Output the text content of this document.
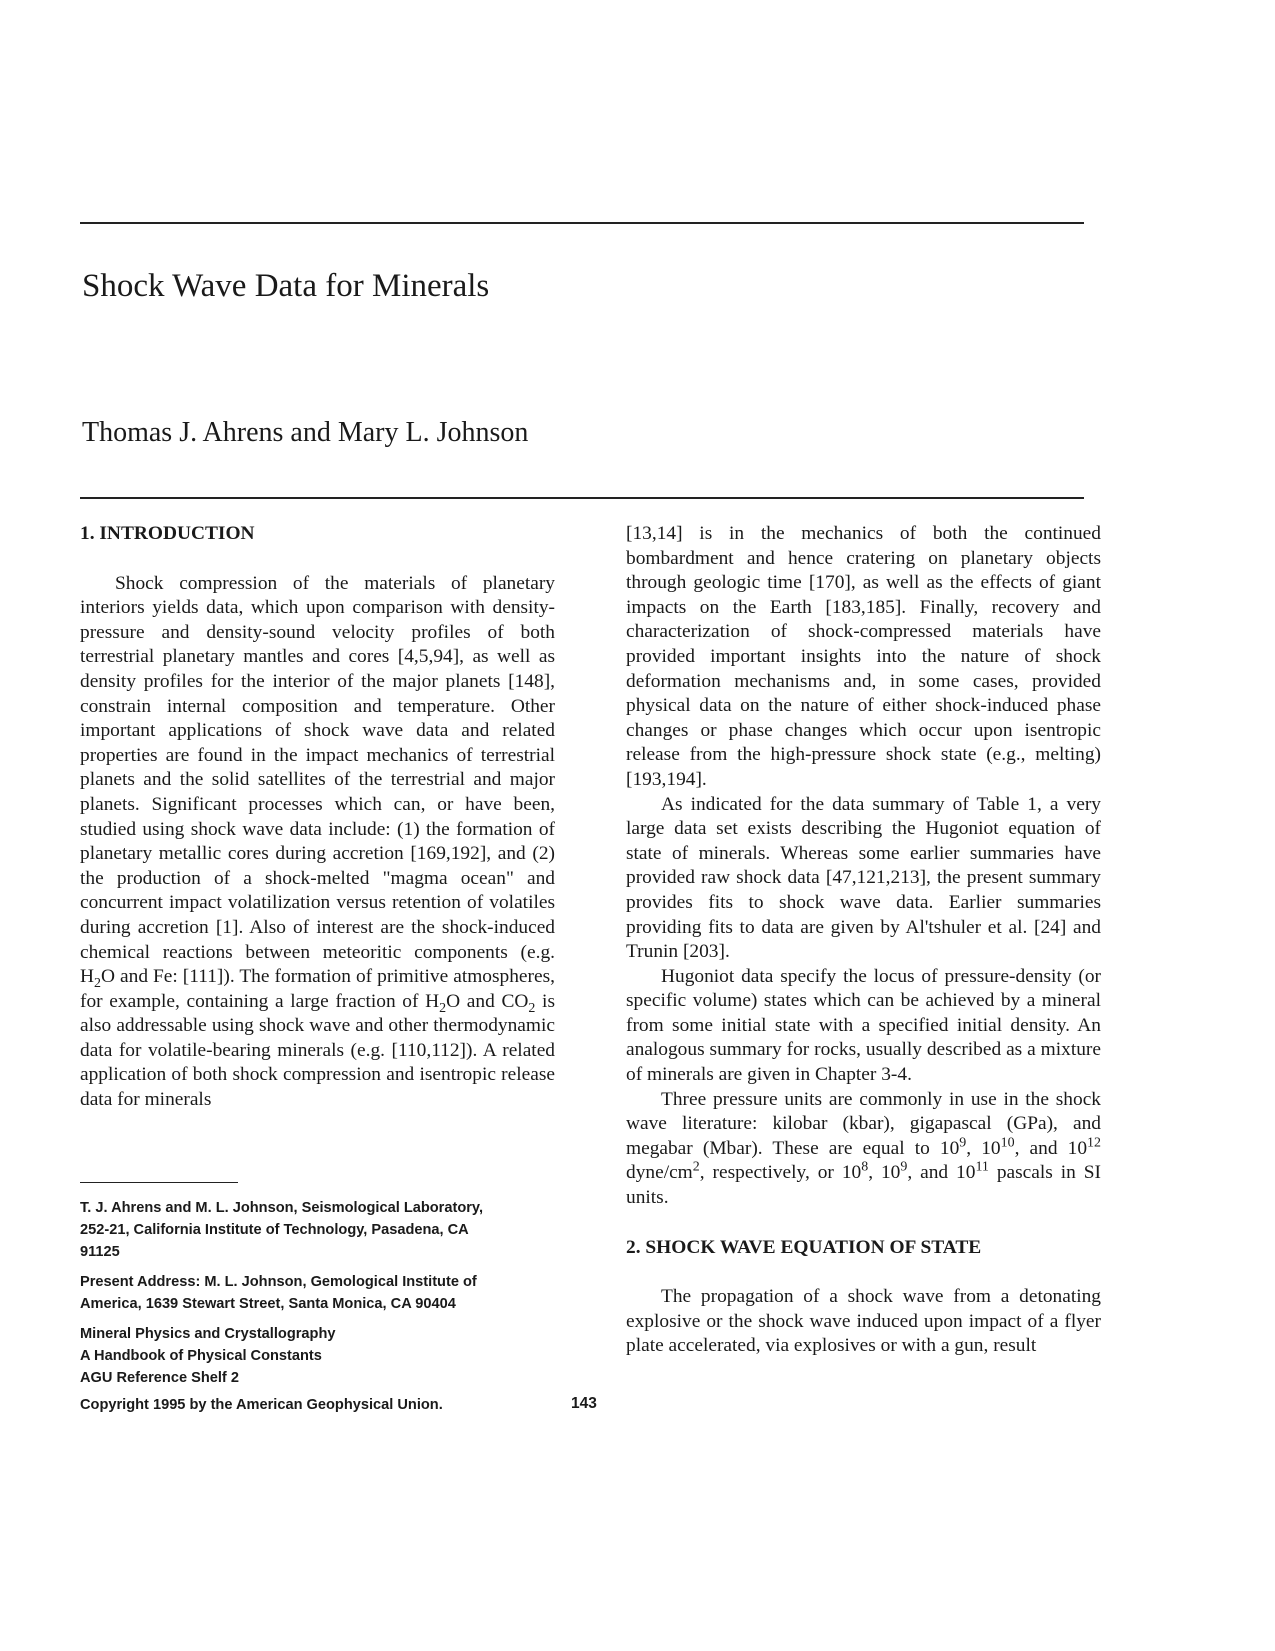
Shock Wave Data for Minerals
Thomas J. Ahrens and Mary L. Johnson

1. INTRODUCTION

Shock compression of the materials of planetary interiors yields data, which upon comparison with density-pressure and density-sound velocity profiles of both terrestrial planetary mantles and cores [4,5,94], as well as density profiles for the interior of the major planets [148], constrain internal composition and temperature. Other important applications of shock wave data and related properties are found in the impact mechanics of terrestrial planets and the solid satellites of the terrestrial and major planets. Significant processes which can, or have been, studied using shock wave data include: (1) the formation of planetary metallic cores during accretion [169,192], and (2) the production of a shock-melted "magma ocean" and concurrent impact volatilization versus retention of volatiles during accretion [1]. Also of interest are the shock-induced chemical reactions between meteoritic components (e.g. $H_2O$ and Fe: [111]). The formation of primitive atmospheres, for example, containing a large fraction of $H_2O$ and $CO_2$ is also addressable using shock wave and other thermodynamic data for volatile-bearing minerals (e.g. [110,112]). A related application of both shock compression and isentropic release data for minerals

[13,14] is in the mechanics of both the continued bombardment and hence cratering on planetary objects through geologic time [170], as well as the effects of giant impacts on the Earth [183,185]. Finally, recovery and characterization of shock-compressed materials have provided important insights into the nature of shock deformation mechanisms and, in some cases, provided physical data on the nature of either shock-induced phase changes or phase changes which occur upon isentropic release from the high-pressure shock state (e.g., melting) [193,194].

As indicated for the data summary of Table 1, a very large data set exists describing the Hugoniot equation of state of minerals. Whereas some earlier summaries have provided raw shock data [47,121,213], the present summary provides fits to shock wave data. Earlier summaries providing fits to data are given by Al'tshuler et al. [24] and Trunin [203].

Hugoniot data specify the locus of pressure-density (or specific volume) states which can be achieved by a mineral from some initial state with a specified initial density. An analogous summary for rocks, usually described as a mixture of minerals are given in Chapter 3-4.

Three pressure units are commonly in use in the shock wave literature: kilobar (kbar), gigapascal (GPa), and megabar (Mbar). These are equal to $10^9$, $10^{10}$, and $10^{12}$ dyne/$cm^2$, respectively, or $10^8$, $10^9$, and $10^{11}$ pascals in SI units.

2. SHOCK WAVE EQUATION OF STATE

The propagation of a shock wave from a detonating explosive or the shock wave induced upon impact of a flyer plate accelerated, via explosives or with a gun, result

T. J. Ahrens and M. L. Johnson, Seismological Laboratory,
252-21, California Institute of Technology, Pasadena, CA
91125

Present Address: M. L. Johnson, Gemological Institute of
America, 1639 Stewart Street, Santa Monica, CA 90404

Mineral Physics and Crystallography
A Handbook of Physical Constants
AGU Reference Shelf 2

Copyright 1995 by the American Geophysical Union.	143
